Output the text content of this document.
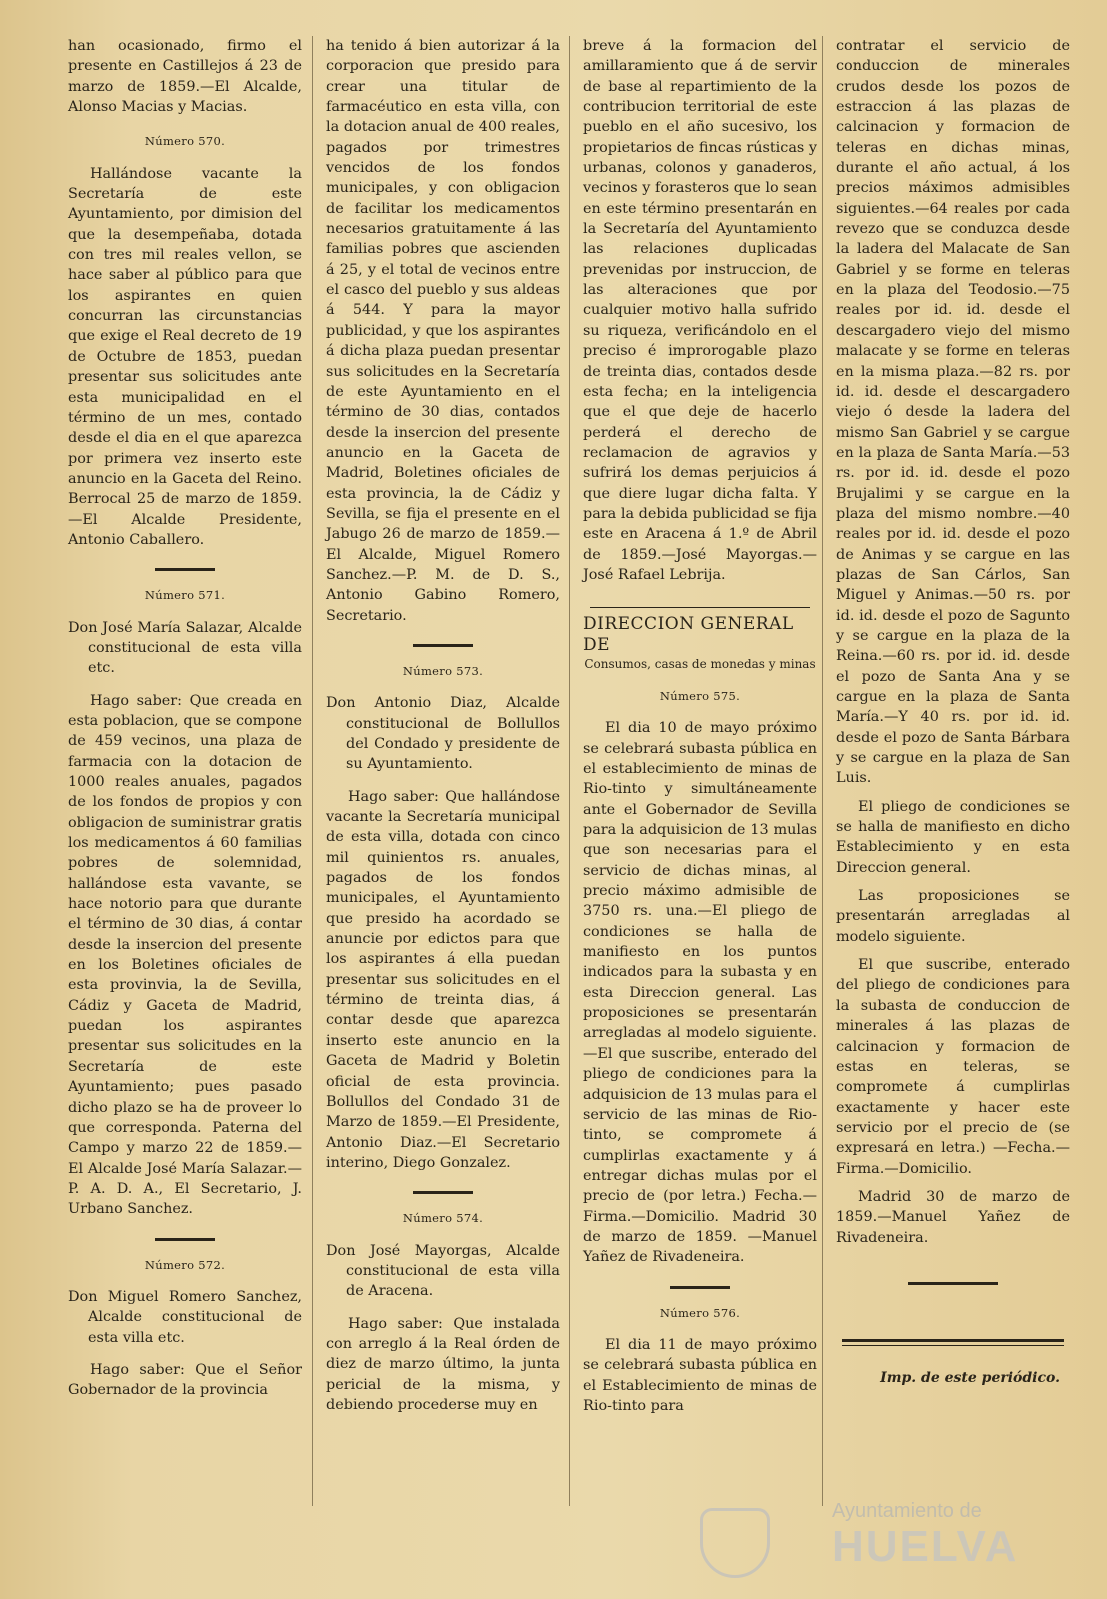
han ocasionado, firmo el presente en Castillejos á 23 de marzo de 1859.—El Alcalde, Alonso Macias y Macias.

Número 570.

Hallándose vacante la Secretaría de este Ayuntamiento, por dimision del que la desempeñaba, dotada con tres mil reales vellon, se hace saber al público para que los aspirantes en quien concurran las circunstancias que exige el Real decreto de 19 de Octubre de 1853, puedan presentar sus solicitudes ante esta municipalidad en el término de un mes, contado desde el dia en el que aparezca por primera vez inserto este anuncio en la Gaceta del Reino. Berrocal 25 de marzo de 1859.—El Alcalde Presidente, Antonio Caballero.

Número 571.

Don José María Salazar, Alcalde constitucional de esta villa etc.

Hago saber: Que creada en esta poblacion, que se compone de 459 vecinos, una plaza de farmacia con la dotacion de 1000 reales anuales, pagados de los fondos de propios y con obligacion de suministrar gratis los medicamentos á 60 familias pobres de solemnidad, hallándose esta vavante, se hace notorio para que durante el término de 30 dias, á contar desde la insercion del presente en los Boletines oficiales de esta provinvia, la de Sevilla, Cádiz y Gaceta de Madrid, puedan los aspirantes presentar sus solicitudes en la Secretaría de este Ayuntamiento; pues pasado dicho plazo se ha de proveer lo que corresponda. Paterna del Campo y marzo 22 de 1859.—El Alcalde José María Salazar.—P. A. D. A., El Secretario, J. Urbano Sanchez.

Número 572.

Don Miguel Romero Sanchez, Alcalde constitucional de esta villa etc.

Hago saber: Que el Señor Gobernador de la provincia

ha tenido á bien autorizar á la corporacion que presido para crear una titular de farmacéutico en esta villa, con la dotacion anual de 400 reales, pagados por trimestres vencidos de los fondos municipales, y con obligacion de facilitar los medicamentos necesarios gratuitamente á las familias pobres que ascienden á 25, y el total de vecinos entre el casco del pueblo y sus aldeas á 544. Y para la mayor publicidad, y que los aspirantes á dicha plaza puedan presentar sus solicitudes en la Secretaría de este Ayuntamiento en el término de 30 dias, contados desde la insercion del presente anuncio en la Gaceta de Madrid, Boletines oficiales de esta provincia, la de Cádiz y Sevilla, se fija el presente en el Jabugo 26 de marzo de 1859.—El Alcalde, Miguel Romero Sanchez.—P. M. de D. S., Antonio Gabino Romero, Secretario.

Número 573.

Don Antonio Diaz, Alcalde constitucional de Bollullos del Condado y presidente de su Ayuntamiento.

Hago saber: Que hallándose vacante la Secretaría municipal de esta villa, dotada con cinco mil quinientos rs. anuales, pagados de los fondos municipales, el Ayuntamiento que presido ha acordado se anuncie por edictos para que los aspirantes á ella puedan presentar sus solicitudes en el término de treinta dias, á contar desde que aparezca inserto este anuncio en la Gaceta de Madrid y Boletin oficial de esta provincia. Bollullos del Condado 31 de Marzo de 1859.—El Presidente, Antonio Diaz.—El Secretario interino, Diego Gonzalez.

Número 574.

Don José Mayorgas, Alcalde constitucional de esta villa de Aracena.

Hago saber: Que instalada con arreglo á la Real órden de diez de marzo último, la junta pericial de la misma, y debiendo procederse muy en

breve á la formacion del amillaramiento que á de servir de base al repartimiento de la contribucion territorial de este pueblo en el año sucesivo, los propietarios de fincas rústicas y urbanas, colonos y ganaderos, vecinos y forasteros que lo sean en este término presentarán en la Secretaría del Ayuntamiento las relaciones duplicadas prevenidas por instruccion, de las alteraciones que por cualquier motivo halla sufrido su riqueza, verificándolo en el preciso é improrogable plazo de treinta dias, contados desde esta fecha; en la inteligencia que el que deje de hacerlo perderá el derecho de reclamacion de agravios y sufrirá los demas perjuicios á que diere lugar dicha falta. Y para la debida publicidad se fija este en Aracena á 1.º de Abril de 1859.—José Mayorgas.—José Rafael Lebrija.

DIRECCION GENERAL DE
Consumos, casas de monedas y minas
Número 575.

El dia 10 de mayo próximo se celebrará subasta pública en el establecimiento de minas de Rio-tinto y simultáneamente ante el Gobernador de Sevilla para la adquisicion de 13 mulas que son necesarias para el servicio de dichas minas, al precio máximo admisible de 3750 rs. una.—El pliego de condiciones se halla de manifiesto en los puntos indicados para la subasta y en esta Direccion general. Las proposiciones se presentarán arregladas al modelo siguiente.—El que suscribe, enterado del pliego de condiciones para la adquisicion de 13 mulas para el servicio de las minas de Rio-tinto, se compromete á cumplirlas exactamente y á entregar dichas mulas por el precio de (por letra.) Fecha.—Firma.—Domicilio. Madrid 30 de marzo de 1859. —Manuel Yañez de Rivadeneira.

Número 576.

El dia 11 de mayo próximo se celebrará subasta pública en el Establecimiento de minas de Rio-tinto para

contratar el servicio de conduccion de minerales crudos desde los pozos de estraccion á las plazas de calcinacion y formacion de teleras en dichas minas, durante el año actual, á los precios máximos admisibles siguientes.—64 reales por cada revezo que se conduzca desde la ladera del Malacate de San Gabriel y se forme en teleras en la plaza del Teodosio.—75 reales por id. id. desde el descargadero viejo del mismo malacate y se forme en teleras en la misma plaza.—82 rs. por id. id. desde el descargadero viejo ó desde la ladera del mismo San Gabriel y se cargue en la plaza de Santa María.—53 rs. por id. id. desde el pozo Brujalimi y se cargue en la plaza del mismo nombre.—40 reales por id. id. desde el pozo de Animas y se cargue en las plazas de San Cárlos, San Miguel y Animas.—50 rs. por id. id. desde el pozo de Sagunto y se cargue en la plaza de la Reina.—60 rs. por id. id. desde el pozo de Santa Ana y se cargue en la plaza de Santa María.—Y 40 rs. por id. id. desde el pozo de Santa Bárbara y se cargue en la plaza de San Luis.

El pliego de condiciones se se halla de manifiesto en dicho Establecimiento y en esta Direccion general.

Las proposiciones se presentarán arregladas al modelo siguiente.

El que suscribe, enterado del pliego de condiciones para la subasta de conduccion de minerales á las plazas de calcinacion y formacion de estas en teleras, se compromete á cumplirlas exactamente y hacer este servicio por el precio de (se expresará en letra.) —Fecha.—Firma.—Domicilio.

Madrid 30 de marzo de 1859.—Manuel Yañez de Rivadeneira.

Imp. de este periódico.
Ayuntamiento de
HUELVA
